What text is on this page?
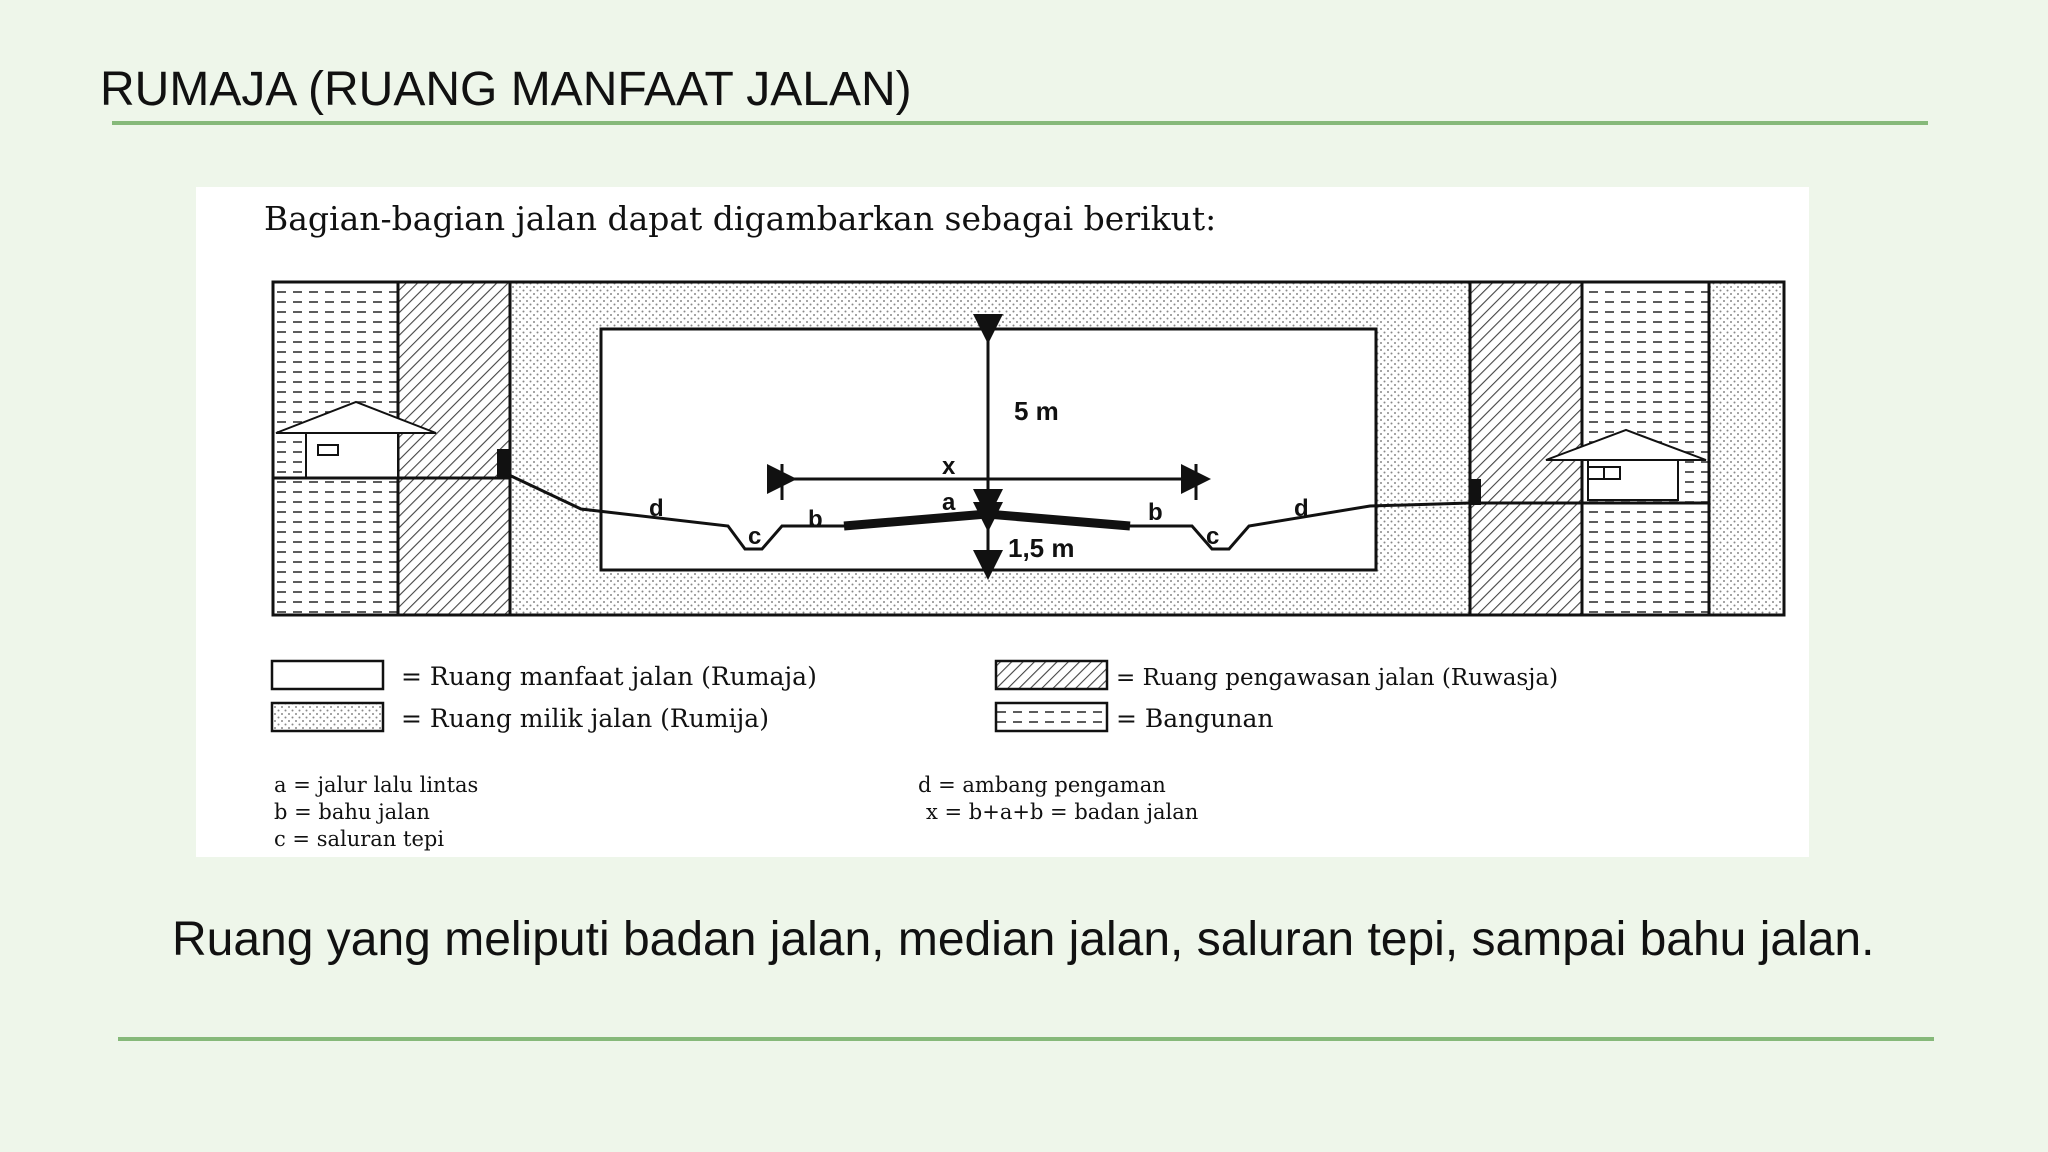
RUMAJA (RUANG MANFAAT JALAN)
Bagian-bagian jalan dapat digambarkan sebagai berikut:
5 m
1,5 m
x
a
b	b
c	c
d	d
= Ruang manfaat jalan (Rumaja)
= Ruang milik jalan (Rumija)
= Ruang pengawasan jalan (Ruwasja)
= Bangunan
a = jalur lalu lintas
b = bahu jalan
c = saluran tepi
d = ambang pengaman
x = b+a+b = badan jalan
Ruang yang meliputi badan jalan, median jalan, saluran tepi, sampai bahu jalan.
